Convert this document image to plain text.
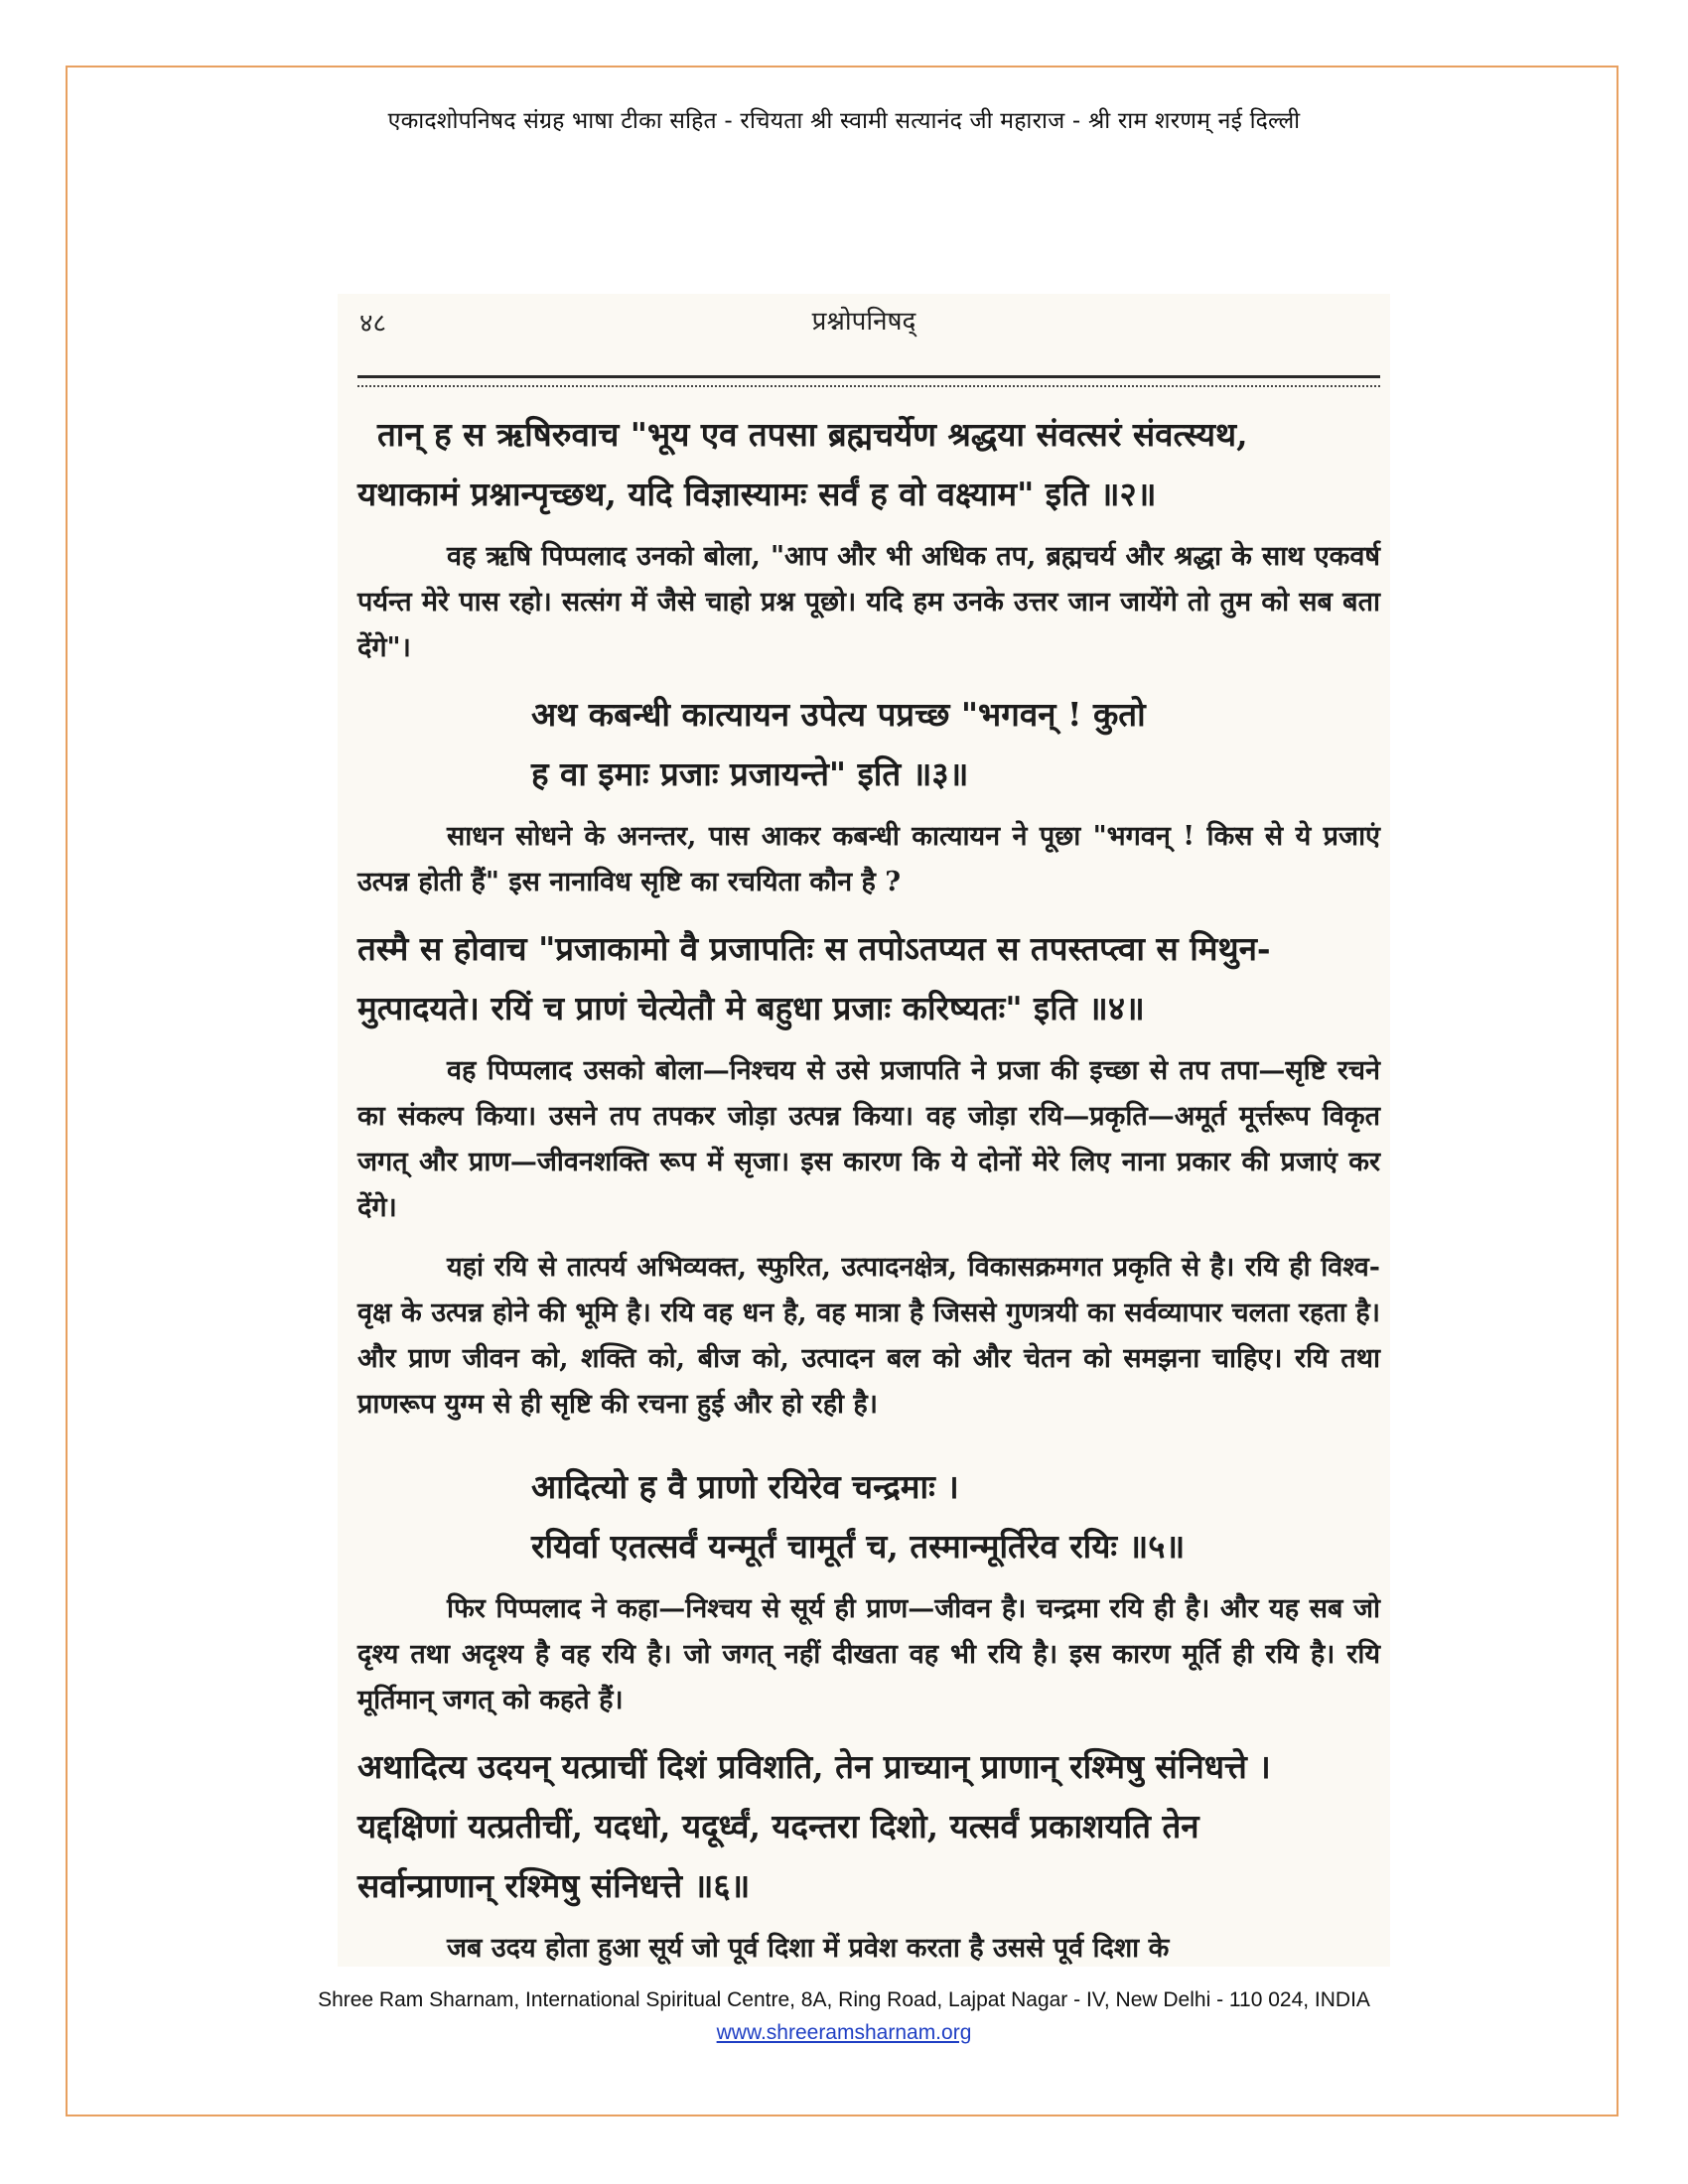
एकादशोपनिषद संग्रह भाषा टीका सहित - रचियता श्री स्वामी सत्यानंद जी महाराज - श्री राम शरणम् नई दिल्ली
४८	प्रश्नोपनिषद्
तान् ह स ऋषिरुवाच "भूय एव तपसा ब्रह्मचर्येण श्रद्धया संवत्सरं संवत्स्यथ,
यथाकामं प्रश्नान्पृच्छथ, यदि विज्ञास्यामः सर्वं ह वो वक्ष्याम" इति ॥२॥

वह ऋषि पिप्पलाद उनको बोला, "आप और भी अधिक तप, ब्रह्मचर्य और श्रद्धा के साथ एकवर्ष पर्यन्त मेरे पास रहो। सत्संग में जैसे चाहो प्रश्न पूछो। यदि हम उनके उत्तर जान जायेंगे तो तुम को सब बता देंगे"।

अथ कबन्धी कात्यायन उपेत्य पप्रच्छ "भगवन् ! कुतो
ह वा इमाः प्रजाः प्रजायन्ते" इति ॥३॥

साधन सोधने के अनन्तर, पास आकर कबन्धी कात्यायन ने पूछा "भगवन् ! किस से ये प्रजाएं उत्पन्न होती हैं" इस नानाविध सृष्टि का रचयिता कौन है ?

तस्मै स होवाच "प्रजाकामो वै प्रजापतिः स तपोऽतप्यत स तपस्तप्त्वा स मिथुन-
मुत्पादयते। रयिं च प्राणं चेत्येतौ मे बहुधा प्रजाः करिष्यतः" इति ॥४॥

वह पिप्पलाद उसको बोला—निश्चय से उसे प्रजापति ने प्रजा की इच्छा से तप तपा—सृष्टि रचने का संकल्प किया। उसने तप तपकर जोड़ा उत्पन्न किया। वह जोड़ा रयि—प्रकृति—अमूर्त मूर्त्तरूप विकृत जगत् और प्राण—जीवनशक्ति रूप में सृजा। इस कारण कि ये दोनों मेरे लिए नाना प्रकार की प्रजाएं कर देंगे।

यहां रयि से तात्पर्य अभिव्यक्त, स्फुरित, उत्पादनक्षेत्र, विकासक्रमगत प्रकृति से है। रयि ही विश्व-वृक्ष के उत्पन्न होने की भूमि है। रयि वह धन है, वह मात्रा है जिससे गुणत्रयी का सर्वव्यापार चलता रहता है। और प्राण जीवन को, शक्ति को, बीज को, उत्पादन बल को और चेतन को समझना चाहिए। रयि तथा प्राणरूप युग्म से ही सृष्टि की रचना हुई और हो रही है।

आदित्यो ह वै प्राणो रयिरेव चन्द्रमाः ।
रयिर्वा एतत्सर्वं यन्मूर्तं चामूर्तं च, तस्मान्मूर्तिरेव रयिः ॥५॥

फिर पिप्पलाद ने कहा—निश्चय से सूर्य ही प्राण—जीवन है। चन्द्रमा रयि ही है। और यह सब जो दृश्य तथा अदृश्य है वह रयि है। जो जगत् नहीं दीखता वह भी रयि है। इस कारण मूर्ति ही रयि है। रयि मूर्तिमान् जगत् को कहते हैं।

अथादित्य उदयन् यत्प्राचीं दिशं प्रविशति, तेन प्राच्यान् प्राणान् रश्मिषु संनिधत्ते ।
यद्दक्षिणां यत्प्रतीचीं, यदधो, यदूर्ध्वं, यदन्तरा दिशो, यत्सर्वं प्रकाशयति तेन
सर्वान्प्राणान् रश्मिषु संनिधत्ते ॥६॥

जब उदय होता हुआ सूर्य जो पूर्व दिशा में प्रवेश करता है उससे पूर्व दिशा के

Shree Ram Sharnam, International Spiritual Centre, 8A, Ring Road, Lajpat Nagar - IV, New Delhi - 110 024, INDIA
www.shreeramsharnam.org
